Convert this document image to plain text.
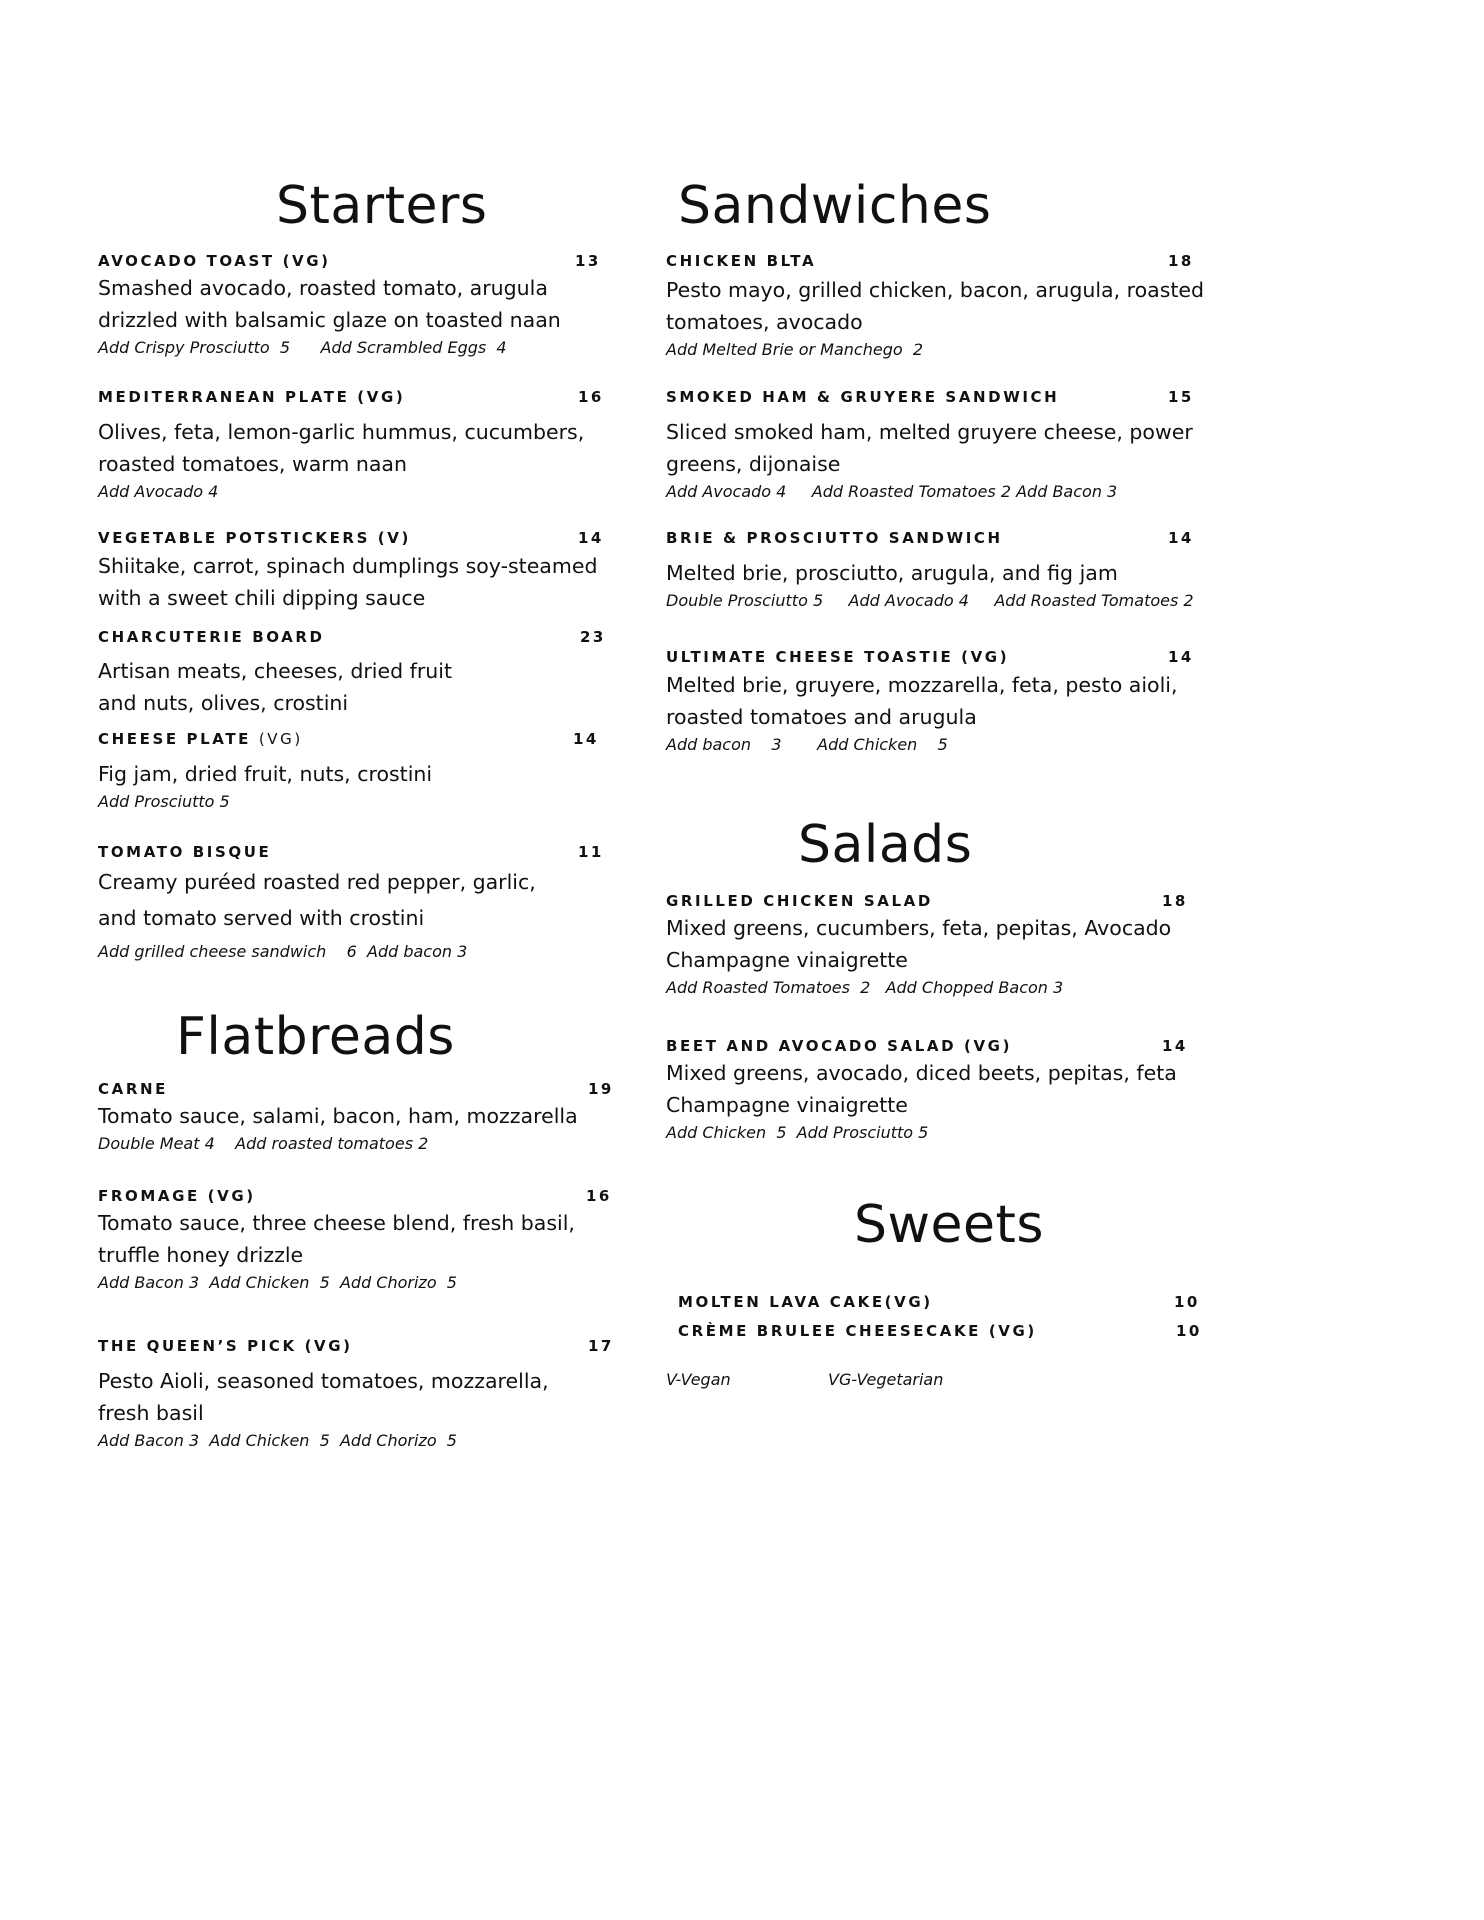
Starters
AVOCADO TOAST (VG)	13
Smashed avocado, roasted tomato, arugula
drizzled with balsamic glaze on toasted naan
Add Crispy Prosciutto  5      Add Scrambled Eggs  4
MEDITERRANEAN PLATE (VG)	16
Olives, feta, lemon-garlic hummus, cucumbers,
roasted tomatoes, warm naan
Add Avocado 4
VEGETABLE POTSTICKERS (V)	14
Shiitake, carrot, spinach dumplings soy-steamed
with a sweet chili dipping sauce
CHARCUTERIE BOARD	23
Artisan meats, cheeses, dried fruit
and nuts, olives, crostini
CHEESE PLATE (VG)	14
Fig jam, dried fruit, nuts, crostini
Add Prosciutto 5
TOMATO BISQUE	11
Creamy puréed roasted red pepper, garlic,
and tomato served with crostini
Add grilled cheese sandwich    6  Add bacon 3
Flatbreads
CARNE	19
Tomato sauce, salami, bacon, ham, mozzarella
Double Meat 4    Add roasted tomatoes 2
FROMAGE (VG)	16
Tomato sauce, three cheese blend, fresh basil,
truffle honey drizzle
Add Bacon 3  Add Chicken  5  Add Chorizo  5
THE QUEEN’S PICK (VG)	17
Pesto Aioli, seasoned tomatoes, mozzarella,
fresh basil
Add Bacon 3  Add Chicken  5  Add Chorizo  5
Sandwiches
CHICKEN BLTA	18
Pesto mayo, grilled chicken, bacon, arugula, roasted
tomatoes, avocado
Add Melted Brie or Manchego  2
SMOKED HAM & GRUYERE SANDWICH	15
Sliced smoked ham, melted gruyere cheese, power
greens, dijonaise
Add Avocado 4     Add Roasted Tomatoes 2 Add Bacon 3
BRIE & PROSCIUTTO SANDWICH	14
Melted brie, prosciutto, arugula, and fig jam
Double Prosciutto 5     Add Avocado 4     Add Roasted Tomatoes 2
ULTIMATE CHEESE TOASTIE (VG)	14
Melted brie, gruyere, mozzarella, feta, pesto aioli,
roasted tomatoes and arugula
Add bacon    3       Add Chicken    5
Salads
GRILLED CHICKEN SALAD	18
Mixed greens, cucumbers, feta, pepitas, Avocado
Champagne vinaigrette
Add Roasted Tomatoes  2   Add Chopped Bacon 3
BEET AND AVOCADO SALAD (VG)	14
Mixed greens, avocado, diced beets, pepitas, feta
Champagne vinaigrette
Add Chicken  5  Add Prosciutto 5
Sweets
MOLTEN LAVA CAKE(VG)	10
CRÈME BRULEE CHEESECAKE (VG)	10
V-Vegan	VG-Vegetarian
